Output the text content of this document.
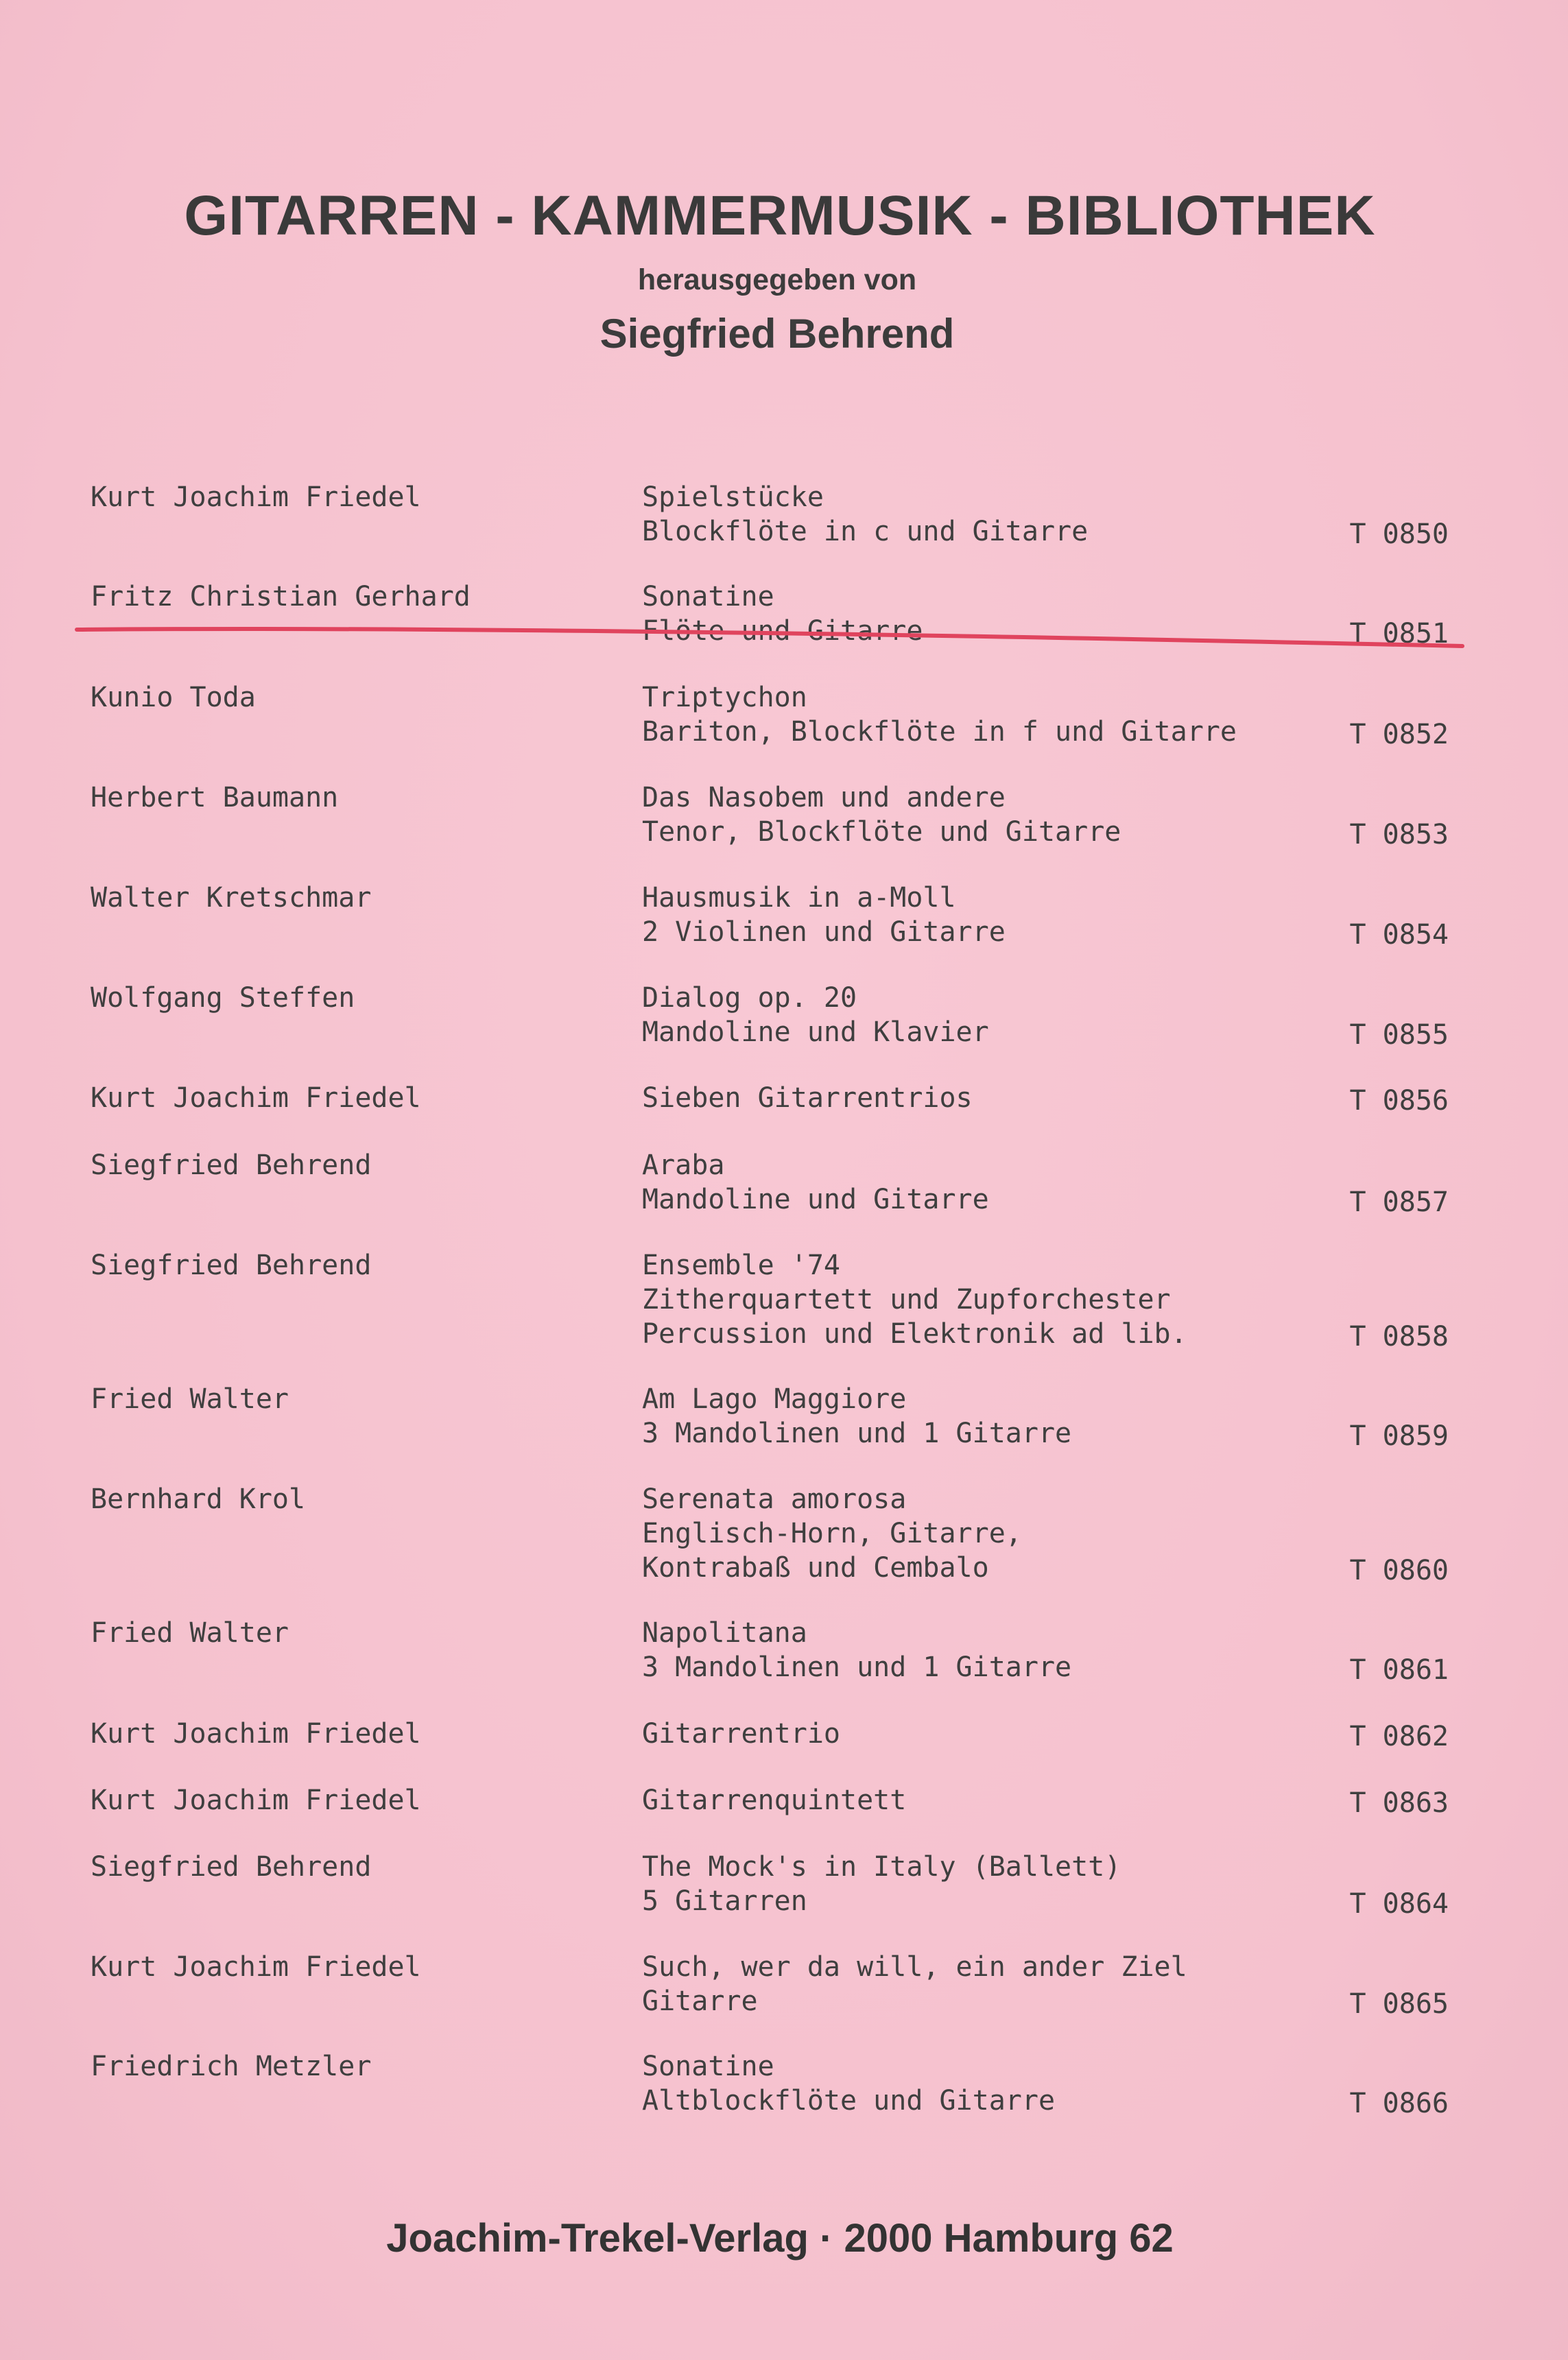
GITARREN - KAMMERMUSIK - BIBLIOTHEK
herausgegeben von
Siegfried Behrend
Kurt Joachim Friedel	Spielstücke
Blockflöte in c und Gitarre	T 0850
Fritz Christian Gerhard	Sonatine
Flöte und Gitarre	T 0851
Kunio Toda	Triptychon
Bariton, Blockflöte in f und Gitarre	T 0852
Herbert Baumann	Das Nasobem und andere
Tenor, Blockflöte und Gitarre	T 0853
Walter Kretschmar	Hausmusik in a-Moll
2 Violinen und Gitarre	T 0854
Wolfgang Steffen	Dialog op. 20
Mandoline und Klavier	T 0855
Kurt Joachim Friedel	Sieben Gitarrentrios	T 0856
Siegfried Behrend	Araba
Mandoline und Gitarre	T 0857
Siegfried Behrend	Ensemble '74
Zitherquartett und Zupforchester
Percussion und Elektronik ad lib.	T 0858
Fried Walter	Am Lago Maggiore
3 Mandolinen und 1 Gitarre	T 0859
Bernhard Krol	Serenata amorosa
Englisch-Horn, Gitarre,
Kontrabaß und Cembalo	T 0860
Fried Walter	Napolitana
3 Mandolinen und 1 Gitarre	T 0861
Kurt Joachim Friedel	Gitarrentrio	T 0862
Kurt Joachim Friedel	Gitarrenquintett	T 0863
Siegfried Behrend	The Mock's in Italy (Ballett)
5 Gitarren	T 0864
Kurt Joachim Friedel	Such, wer da will, ein ander Ziel
Gitarre	T 0865
Friedrich Metzler	Sonatine
Altblockflöte und Gitarre	T 0866
Joachim-Trekel-Verlag · 2000 Hamburg 62
